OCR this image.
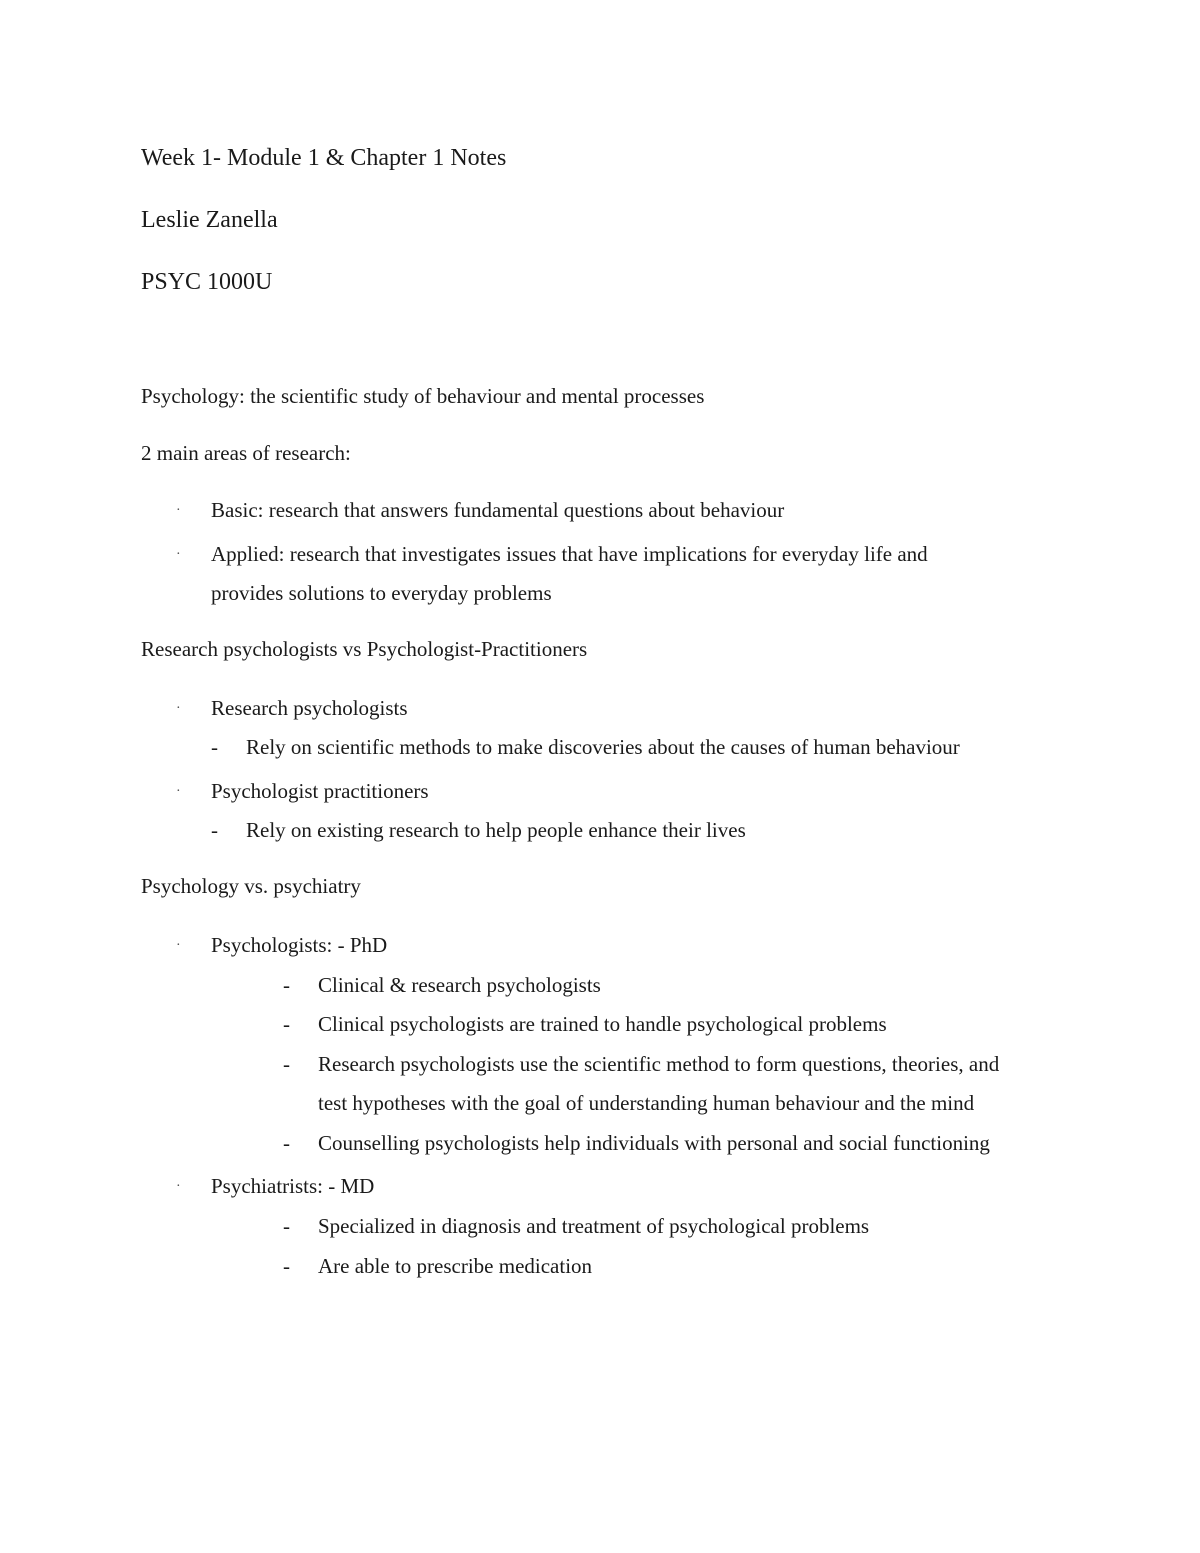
Week 1- Module 1 & Chapter 1 Notes
Leslie Zanella
PSYC 1000U
Psychology: the scientific study of behaviour and mental processes
2 main areas of research:
· Basic: research that answers fundamental questions about behaviour
· Applied: research that investigates issues that have implications for everyday life and
provides solutions to everyday problems
Research psychologists vs Psychologist-Practitioners
· Research psychologists
- Rely on scientific methods to make discoveries about the causes of human behaviour
· Psychologist practitioners
- Rely on existing research to help people enhance their lives
Psychology vs. psychiatry
· Psychologists: - PhD
- Clinical & research psychologists
- Clinical psychologists are trained to handle psychological problems
- Research psychologists use the scientific method to form questions, theories, and
test hypotheses with the goal of understanding human behaviour and the mind
- Counselling psychologists help individuals with personal and social functioning
· Psychiatrists: - MD
- Specialized in diagnosis and treatment of psychological problems
- Are able to prescribe medication
